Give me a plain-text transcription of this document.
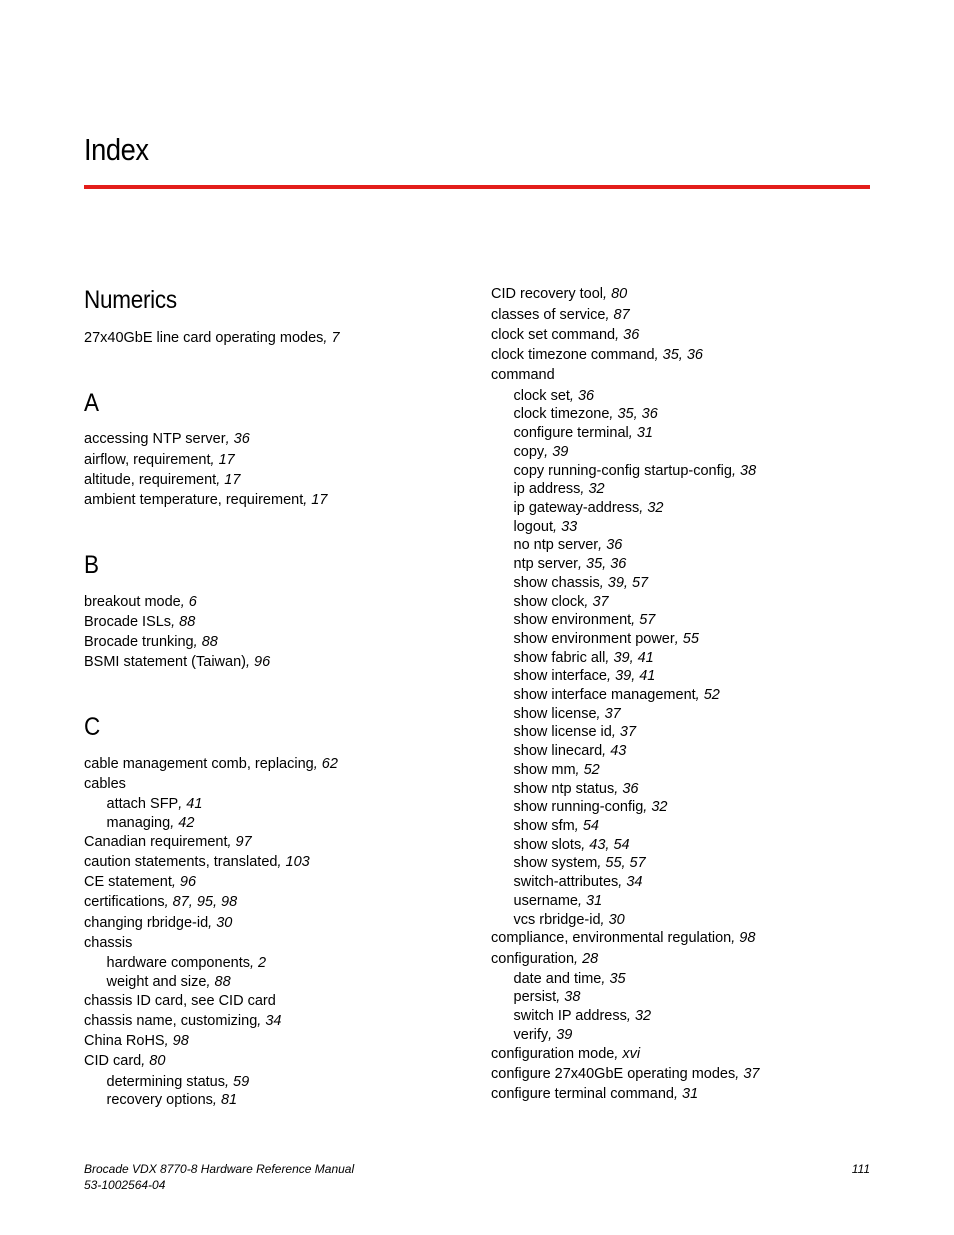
Index
Numerics
27x40GbE line card operating modes, 7
A
accessing NTP server, 36
airflow, requirement, 17
altitude, requirement, 17
ambient temperature, requirement, 17
B
breakout mode, 6
Brocade ISLs, 88
Brocade trunking, 88
BSMI statement (Taiwan), 96
C
cable management comb, replacing, 62
cables
attach SFP, 41
managing, 42
Canadian requirement, 97
caution statements, translated, 103
CE statement, 96
certifications, 87, 95, 98
changing rbridge-id, 30
chassis
hardware components, 2
weight and size, 88
chassis ID card, see CID card
chassis name, customizing, 34
China RoHS, 98
CID card, 80
determining status, 59
recovery options, 81
CID recovery tool, 80
classes of service, 87
clock set command, 36
clock timezone command, 35, 36
command
clock set, 36
clock timezone, 35, 36
configure terminal, 31
copy, 39
copy running-config startup-config, 38
ip address, 32
ip gateway-address, 32
logout, 33
no ntp server, 36
ntp server, 35, 36
show chassis, 39, 57
show clock, 37
show environment, 57
show environment power, 55
show fabric all, 39, 41
show interface, 39, 41
show interface management, 52
show license, 37
show license id, 37
show linecard, 43
show mm, 52
show ntp status, 36
show running-config, 32
show sfm, 54
show slots, 43, 54
show system, 55, 57
switch-attributes, 34
username, 31
vcs rbridge-id, 30
compliance, environmental regulation, 98
configuration, 28
date and time, 35
persist, 38
switch IP address, 32
verify, 39
configuration mode, xvi
configure 27x40GbE operating modes, 37
configure terminal command, 31
Brocade VDX 8770-8 Hardware Reference Manual
53-1002564-04
111
